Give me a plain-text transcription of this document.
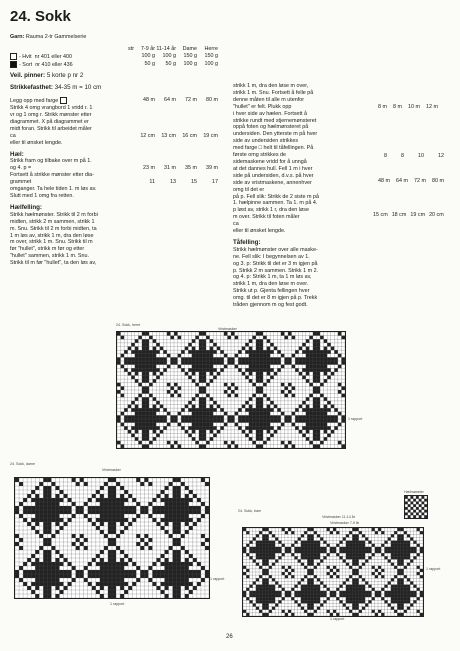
24. Sokk

Garn: Rauma 2-tr Gammelserie

str	7-9 år 11-14 år	Dame	Herre
- Hvit nr 401 eller 400	100 g	100 g	150 g	150 g
- Sort nr 410 eller 436	50 g	50 g	100 g	100 g

Veil. pinner: 5 korte p nr 2

Strikkefasthet: 34-35 m = 10 cm

Legg opp med farge	48 m	64 m	72 m	80 m

Strikk 4 omg vrangbord 1 vridd r. 1

vr og 1 omg r. Strikk mønster etter

diagrammet. X på diagrammet er

midt foran. Strikk til arbeidet måler

ca	12 cm	13 cm	16 cm	19 cm

eller til ønsket lengde.

Hæl:

Strikk fram og tilbake over m på 1.

og 4. p =	23 m	31 m	35 m	39 m

Fortsett å strikke mønster etter dia-

grammet	11	13	15	17

omganger. Ta hele tiden 1. m løs av.

Slutt med 1 omg fra retten.

Hælfelling:

Strikk hælmønster. Strikk til 2 m forbi

midten, strikk 2 m sammen, strikk 1

m. Snu. Strikk til 2 m forbi midten, ta

1 m løs av, strikk 1 m, dra den løse

m over, strikk 1 m. Snu. Strikk til m

før "hullet", strikk m før og etter

"hullet" sammen, strikk 1 m. Snu.

Strikk til m før "hullet", ta den løs av,

strikk 1 m, dra den løse m over,

strikk 1 m. Snu. Fortsett å felle på

denne måten til alle m utenfor

"hullet" er felt. Plukk opp

i hver side av hælen. Fortsett å

strikke rundt med stjernemønsteret

oppå foten og hælmønsteret på

undersiden. Den ytterste m på hver

side av undersiden strikkes

med farge □ helt til tåfellingen. På

første omg strikkes de

sidemaskene vridd for å unngå

at det dannes hull. Fell 1 m i hver

side på undersiden, d.v.s. på hver

side av vristmaskene, annenhver

omg til det er

på p. Fell slik: Strikk de 2 siste m på

1. hælpinne sammen. Ta 1. m på 4.

p løst av, strikk 1 r, dra den løse

m over. Strikk til foten måler

ca

eller til ønsket lengde.

Tåfelling:

Strikk hælmønster over alle maske-

ne. Fell slik: I begynnelsen av 1.

og 3. p: Strikk til det er 3 m igjen på

p. Strikk 2 m sammen. Strikk 1 m 2.

og 4. p: Strikk 1 m, ta 1 m løs av,

strikk 1 m, dra den løse m over.

Strikk ut p. Gjenta fellingen hver

omg. til det er 8 m igjen på p. Trekk

tråden gjennom m og fest godt.

8 m 8 m 10 m 12 m
8	8	10	12
48 m 64 m 72 m 80 m
15 cm 18 cm 19 cm 20 cm
24. Sokk, herre
Vristmasker
1 rapport
24. Sokk, dame
Vristmasker
1 rapport
1 rapport
24. Sokk, barn
Vristmasker 11-14 år
Vristmasker 7-9 år
Hælmønster
1 rapport
1 rapport
26
